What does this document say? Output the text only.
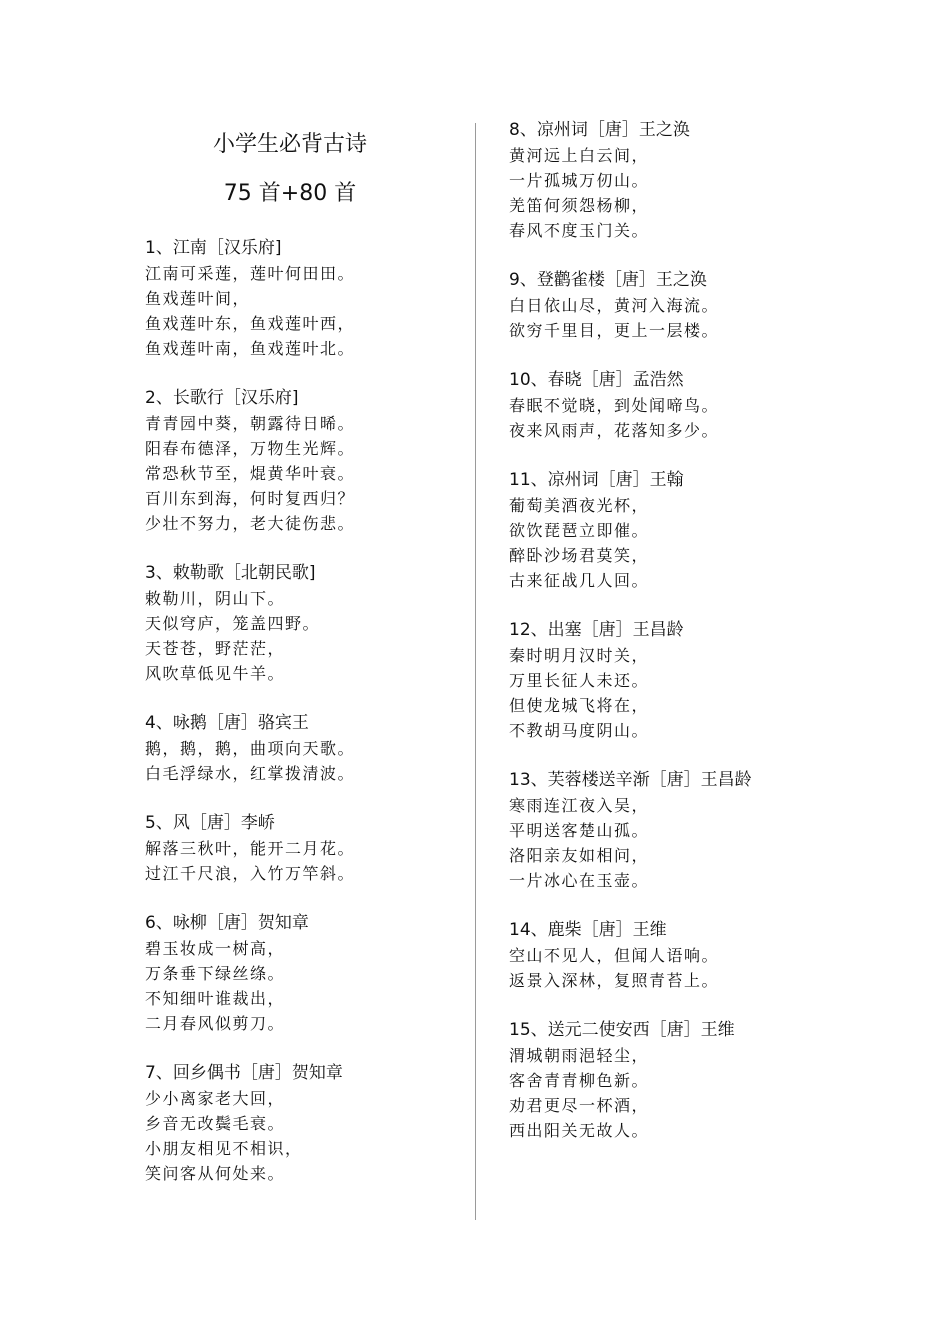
小学生必背古诗
75 首+80 首
1、江南［汉乐府]
江南可采莲，莲叶何田田。
鱼戏莲叶间，
鱼戏莲叶东，鱼戏莲叶西，
鱼戏莲叶南，鱼戏莲叶北。
2、长歌行［汉乐府]
青青园中葵，朝露待日晞。
阳春布德泽，万物生光辉。
常恐秋节至，焜黄华叶衰。
百川东到海，何时复西归？
少壮不努力，老大徒伤悲。
3、敕勒歌［北朝民歌]
敕勒川，阴山下。
天似穹庐，笼盖四野。
天苍苍，野茫茫，
风吹草低见牛羊。
4、咏鹅［唐］骆宾王
鹅，鹅，鹅，曲项向天歌。
白毛浮绿水，红掌拨清波。
5、风［唐］李峤
解落三秋叶，能开二月花。
过江千尺浪，入竹万竿斜。
6、咏柳［唐］贺知章
碧玉妆成一树高，
万条垂下绿丝绦。
不知细叶谁裁出，
二月春风似剪刀。
7、回乡偶书［唐］贺知章
少小离家老大回，
乡音无改鬓毛衰。
小朋友相见不相识，
笑问客从何处来。
8、凉州词［唐］王之涣
黄河远上白云间，
一片孤城万仞山。
羌笛何须怨杨柳，
春风不度玉门关。
9、登鹳雀楼［唐］王之涣
白日依山尽，黄河入海流。
欲穷千里目，更上一层楼。
10、春晓［唐］孟浩然
春眠不觉晓，到处闻啼鸟。
夜来风雨声，花落知多少。
11、凉州词［唐］王翰
葡萄美酒夜光杯，
欲饮琵琶立即催。
醉卧沙场君莫笑，
古来征战几人回。
12、出塞［唐］王昌龄
秦时明月汉时关，
万里长征人未还。
但使龙城飞将在，
不教胡马度阴山。
13、芙蓉楼送辛渐［唐］王昌龄
寒雨连江夜入吴，
平明送客楚山孤。
洛阳亲友如相问，
一片冰心在玉壶。
14、鹿柴［唐］王维
空山不见人，但闻人语响。
返景入深林，复照青苔上。
15、送元二使安西［唐］王维
渭城朝雨浥轻尘，
客舍青青柳色新。
劝君更尽一杯酒，
西出阳关无故人。
